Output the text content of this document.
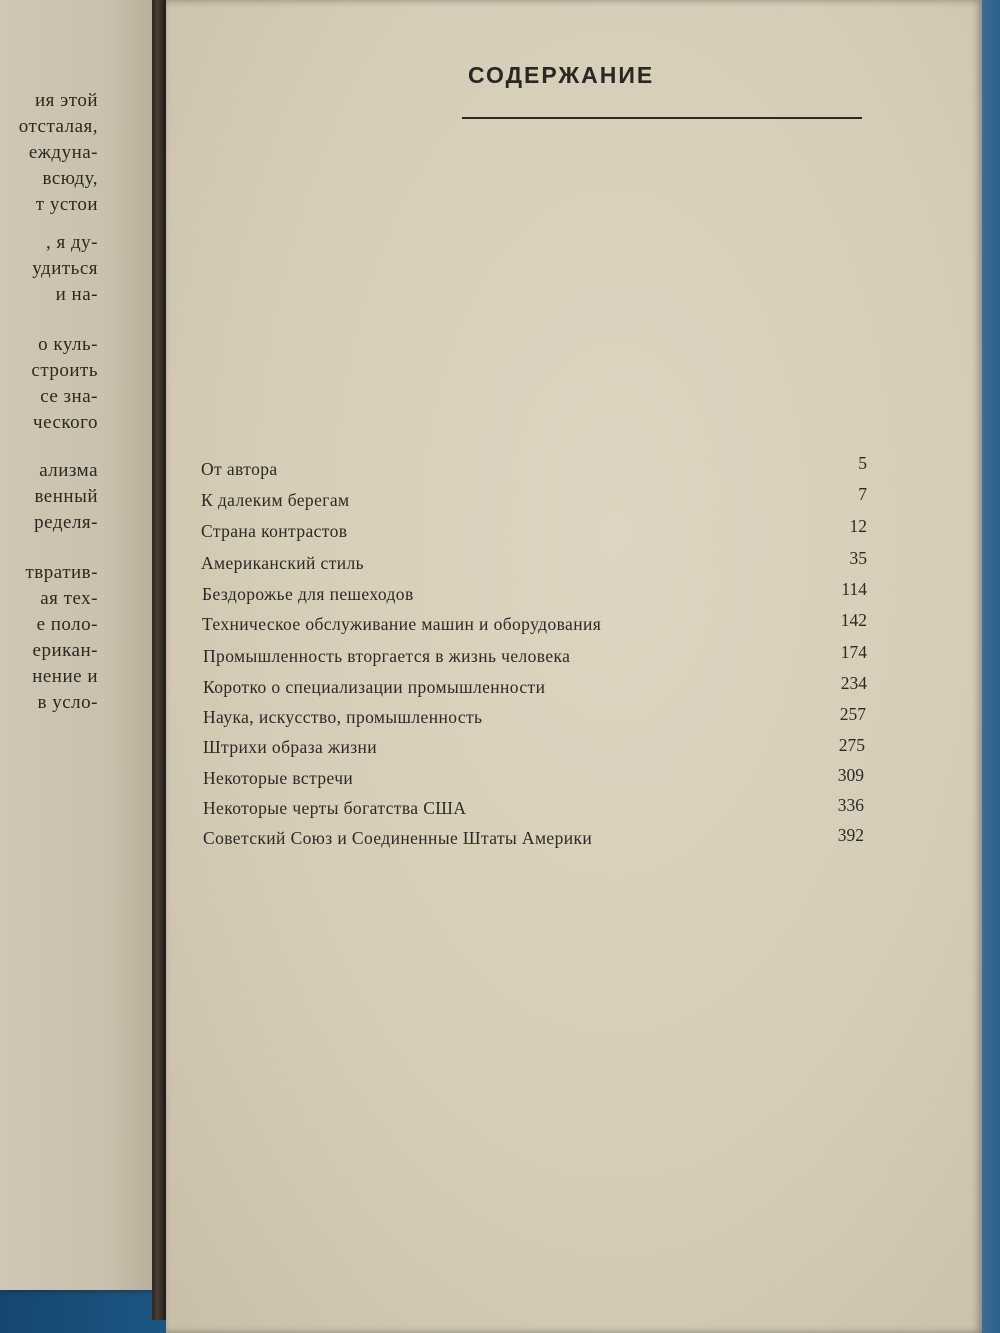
ия этой
отсталая,
еждуна-
всюду,
т устои
, я ду-
удиться
и на-
о куль-
строить
се зна-
ческого
ализма
венный
ределя-
твратив-
ая тех-
е поло-
ерикан-
нение и
в усло-
СОДЕРЖАНИЕ
От автора	5
К далеким берегам	7
Страна контрастов	12
Американский стиль	35
Бездорожье для пешеходов	114
Техническое обслуживание машин и оборудования	142
Промышленность вторгается в жизнь человека	174
Коротко о специализации промышленности	234
Наука, искусство, промышленность	257
Штрихи образа жизни	275
Некоторые встречи	309
Некоторые черты богатства США	336
Советский Союз и Соединенные Штаты Америки	392
